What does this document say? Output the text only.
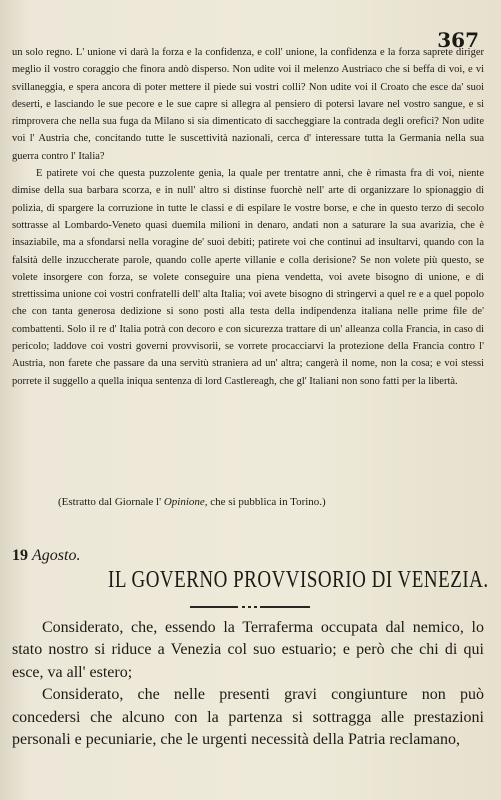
367

un solo regno. L' unione vi darà la forza e la confidenza, e coll' unione, la confidenza e la forza saprete diriger meglio il vostro coraggio che finora andò disperso. Non udite voi il melenzo Austriaco che si beffa di voi, e vi svillaneggia, e spera ancora di poter mettere il piede sui vostri colli? Non udite voi il Croato che esce da' suoi deserti, e lasciando le sue pecore e le sue capre si allegra al pensiero di potersi lavare nel vostro sangue, e si rimprovera che nella sua fuga da Milano si sia dimenticato di saccheggiare la contrada degli orefici? Non udite voi l' Austria che, concitando tutte le suscettività nazionali, cerca d' interessare tutta la Germania nella sua guerra contro l' Italia?

E patirete voi che questa puzzolente genìa, la quale per trentatre anni, che è rimasta fra di voi, niente dimise della sua barbara scorza, e in null' altro si distinse fuorchè nell' arte di organizzare lo spionaggio di polizia, di spargere la corruzione in tutte le classi e di espilare le vostre borse, e che in questo terzo di secolo sottrasse al Lombardo-Veneto quasi duemila milioni in denaro, andati non a saturare la sua avarizia, che è insaziabile, ma a sfondarsi nella voragine de' suoi debiti; patirete voi che continui ad insultarvi, quando con la falsità delle inzuccherate parole, quando colle aperte villanie e colla derisione? Se non volete più questo, se volete insorgere con forza, se volete conseguire una piena vendetta, voi avete bisogno di unione, e di strettissima unione coi vostri confratelli dell' alta Italia; voi avete bisogno di stringervi a quel re e a quel popolo che con tanta generosa dedizione si sono posti alla testa della indipendenza italiana nelle prime file de' combattenti. Solo il re d' Italia potrà con decoro e con sicurezza trattare di un' alleanza colla Francia, in caso di pericolo; laddove coi vostri governi provvisorii, se vorrete procacciarvi la protezione della Francia contro l' Austria, non farete che passare da una servitù straniera ad un' altra; cangerà il nome, non la cosa; e voi stessi porrete il suggello a quella iniqua sentenza di lord Castlereagh, che gl' Italiani non sono fatti per la libertà.

(Estratto dal Giornale l' Opinione, che si pubblica in Torino.)
19 Agosto.
IL GOVERNO PROVVISORIO DI VENEZIA.

Considerato, che, essendo la Terraferma occupata dal nemico, lo stato nostro si riduce a Venezia col suo estuario; e però che chi di qui esce, va all' estero;

Considerato, che nelle presenti gravi congiunture non può concedersi che alcuno con la partenza si sottragga alle prestazioni personali e pecuniarie, che le urgenti necessità della Patria reclamano,
